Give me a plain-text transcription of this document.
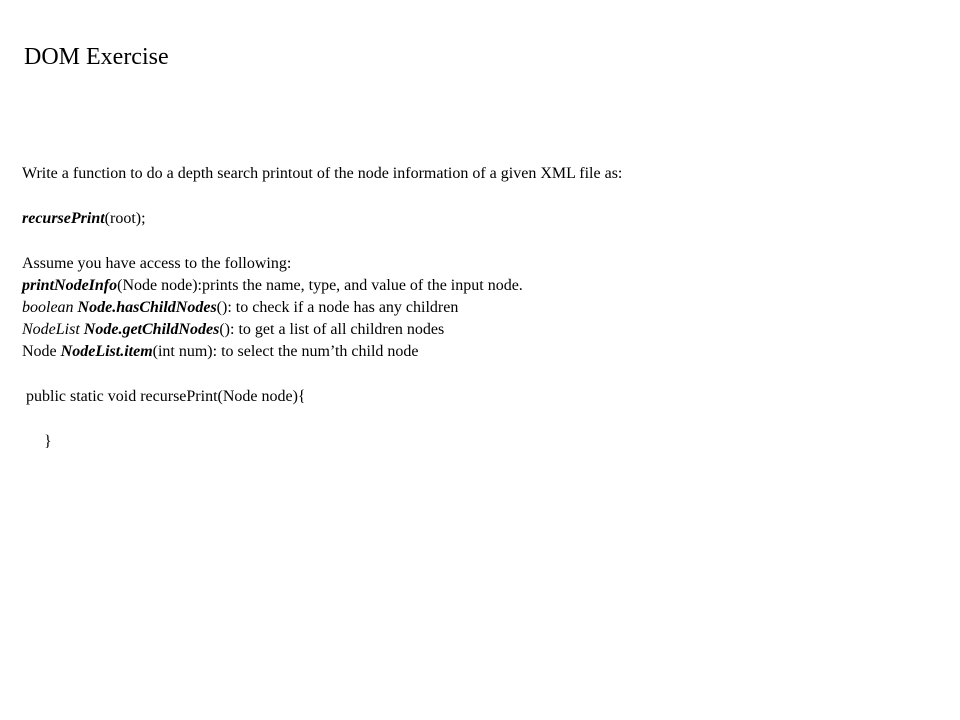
DOM Exercise
Write a function to do a depth search printout of the node information of a given XML file as:
recursePrint(root);
Assume you have access to the following:
printNodeInfo(Node node):prints the name, type, and value of the input node.
boolean Node.hasChildNodes(): to check if a node has any children
NodeList Node.getChildNodes(): to get a list of all children nodes
Node NodeList.item(int num): to select the num’th child node
public static void recursePrint(Node node){
}
